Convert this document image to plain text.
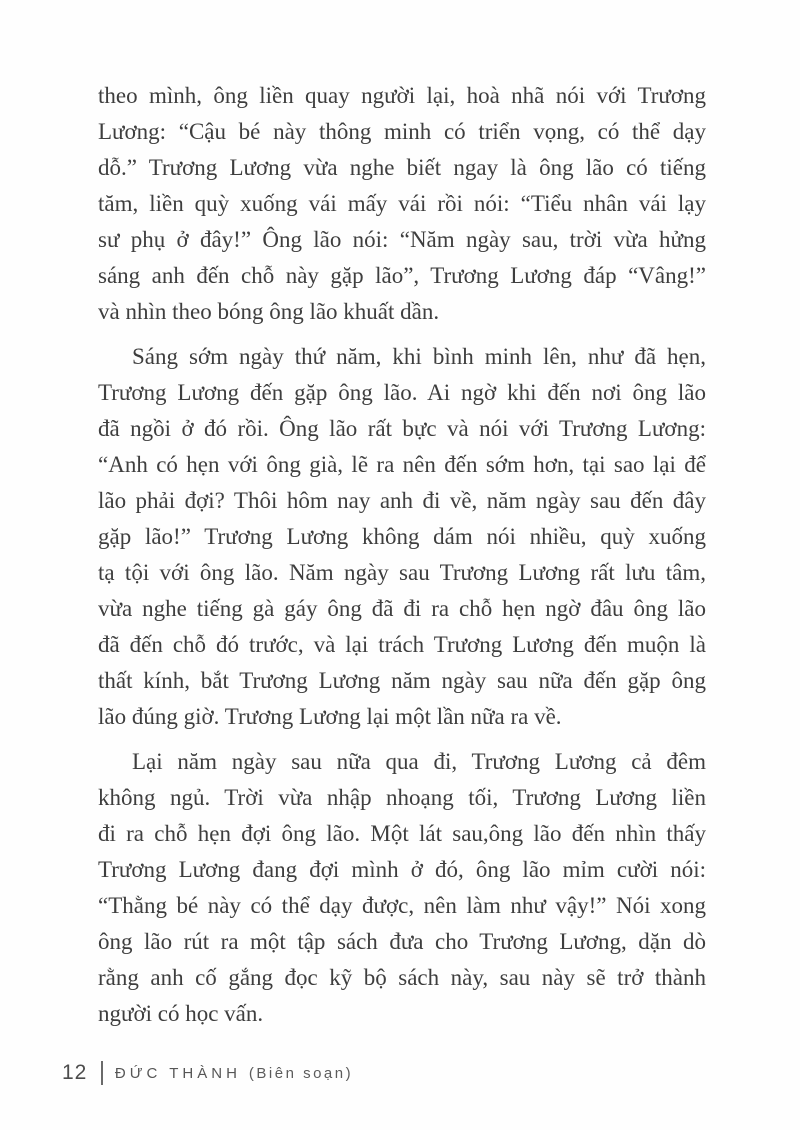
theo mình, ông liền quay người lại, hoà nhã nói với Trương
Lương: “Cậu bé này thông minh có triển vọng, có thể dạy
dỗ.” Trương Lương vừa nghe biết ngay là ông lão có tiếng
tăm, liền quỳ xuống vái mấy vái rồi nói: “Tiểu nhân vái lạy
sư phụ ở đây!” Ông lão nói: “Năm ngày sau, trời vừa hửng
sáng anh đến chỗ này gặp lão”, Trương Lương đáp “Vâng!”
và nhìn theo bóng ông lão khuất dần.
Sáng sớm ngày thứ năm, khi bình minh lên, như đã hẹn,
Trương Lương đến gặp ông lão. Ai ngờ khi đến nơi ông lão
đã ngồi ở đó rồi. Ông lão rất bực và nói với Trương Lương:
“Anh có hẹn với ông già, lẽ ra nên đến sớm hơn, tại sao lại để
lão phải đợi? Thôi hôm nay anh đi về, năm ngày sau đến đây
gặp lão!” Trương Lương không dám nói nhiều, quỳ xuống
tạ tội với ông lão. Năm ngày sau Trương Lương rất lưu tâm,
vừa nghe tiếng gà gáy ông đã đi ra chỗ hẹn ngờ đâu ông lão
đã đến chỗ đó trước, và lại trách Trương Lương đến muộn là
thất kính, bắt Trương Lương năm ngày sau nữa đến gặp ông
lão đúng giờ. Trương Lương lại một lần nữa ra về.
Lại năm ngày sau nữa qua đi, Trương Lương cả đêm
không ngủ. Trời vừa nhập nhoạng tối, Trương Lương liền
đi ra chỗ hẹn đợi ông lão. Một lát sau,ông lão đến nhìn thấy
Trương Lương đang đợi mình ở đó, ông lão mỉm cười nói:
“Thằng bé này có thể dạy được, nên làm như vậy!” Nói xong
ông lão rút ra một tập sách đưa cho Trương Lương, dặn dò
rằng anh cố gắng đọc kỹ bộ sách này, sau này sẽ trở thành
người có học vấn.
12 ĐỨC THÀNH (Biên soạn)
